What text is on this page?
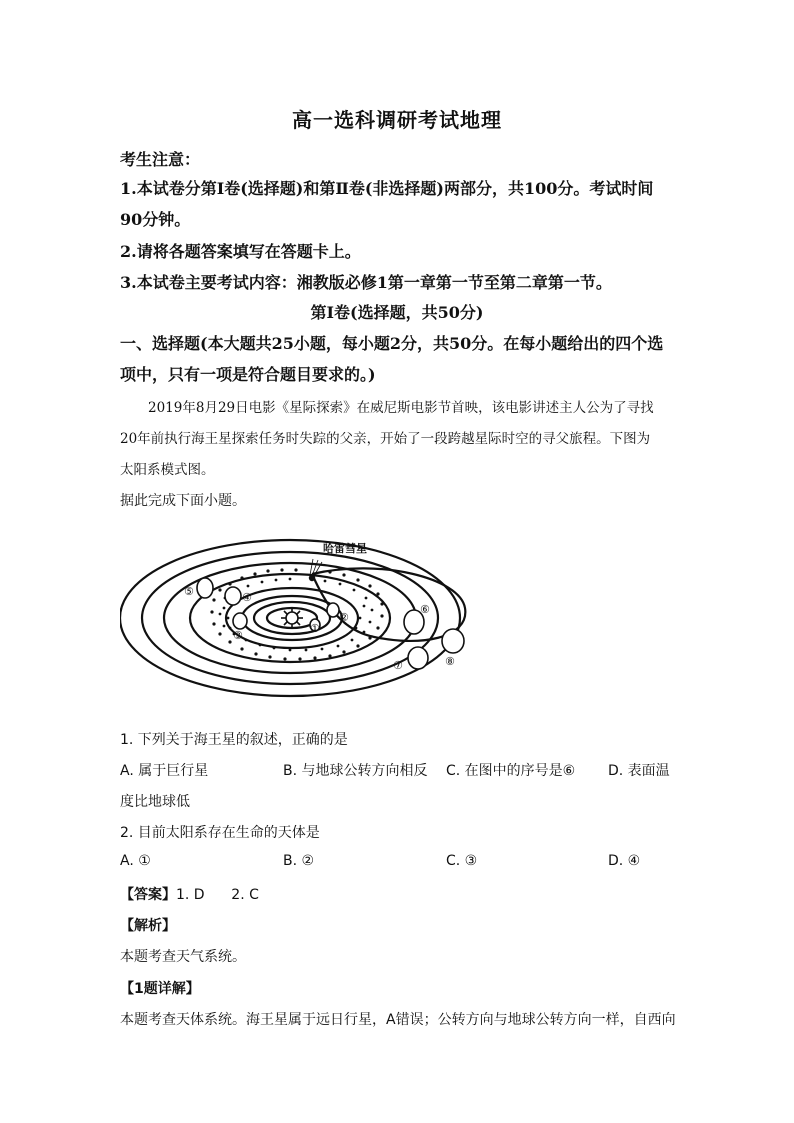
高一选科调研考试地理
考生注意：
1.本试卷分第Ⅰ卷(选择题)和第Ⅱ卷(非选择题)两部分，共100分。考试时间
90分钟。
2.请将各题答案填写在答题卡上。
3.本试卷主要考试内容：湘教版必修1第一章第一节至第二章第一节。
第Ⅰ卷(选择题，共50分)
一、选择题(本大题共25小题，每小题2分，共50分。在每小题给出的四个选
项中，只有一项是符合题目要求的。)
2019年8月29日电影《星际探索》在威尼斯电影节首映，该电影讲述主人公为了寻找
20年前执行海王星探索任务时失踪的父亲，开始了一段跨越星际时空的寻父旅程。下图为
太阳系模式图。
据此完成下面小题。
哈雷彗星
①
②
③
④
⑤
⑥
⑦	⑧
1. 下列关于海王星的叙述，正确的是
A. 属于巨行星	B. 与地球公转方向相反 C. 在图中的序号是⑥ D. 表面温
度比地球低
2. 目前太阳系存在生命的天体是
A. ①	B. ②	C. ③	D. ④
【答案】1. D      2. C
【解析】
本题考查天气系统。
【1题详解】
本题考查天体系统。海王星属于远日行星，A错误；公转方向与地球公转方向一样，自西向
